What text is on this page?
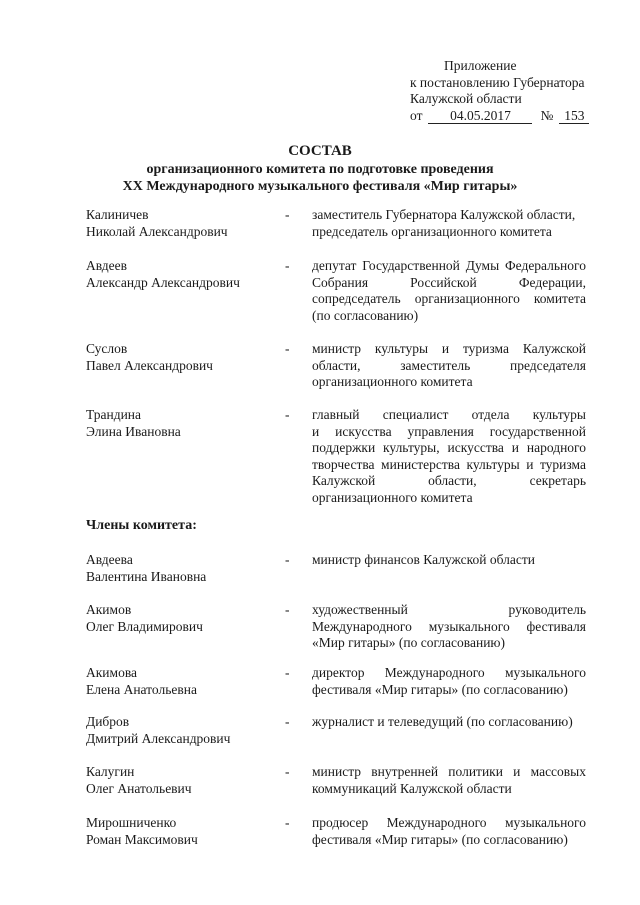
Приложение
к постановлению Губернатора
Калужской области
от	04.05.2017	№ 153
СОСТАВ
организационного комитета по подготовке проведения
XX Международного музыкального фестиваля «Мир гитары»
Калиничев
Николай Александрович
- заместитель Губернатора Калужской области,
председатель организационного комитета
Авдеев
Александр Александрович
- депутат Государственной Думы Федерального
Собрания Российской Федерации,
сопредседатель организационного комитета
(по согласованию)
Суслов
Павел Александрович
- министр культуры и туризма Калужской
области, заместитель председателя
организационного комитета
Трандина
Элина Ивановна
- главный специалист отдела культуры
и искусства управления государственной
поддержки культуры, искусства и народного
творчества министерства культуры и туризма
Калужской области, секретарь
организационного комитета
Члены комитета:
Авдеева
Валентина Ивановна
- министр финансов Калужской области
Акимов
Олег Владимирович
- художественный руководитель
Международного музыкального фестиваля
«Мир гитары» (по согласованию)
Акимова
Елена Анатольевна
- директор Международного музыкального
фестиваля «Мир гитары» (по согласованию)
Дибров
Дмитрий Александрович
- журналист и телеведущий (по согласованию)
Калугин
Олег Анатольевич
- министр внутренней политики и массовых
коммуникаций Калужской области
Мирошниченко
Роман Максимович
- продюсер Международного музыкального
фестиваля «Мир гитары» (по согласованию)
